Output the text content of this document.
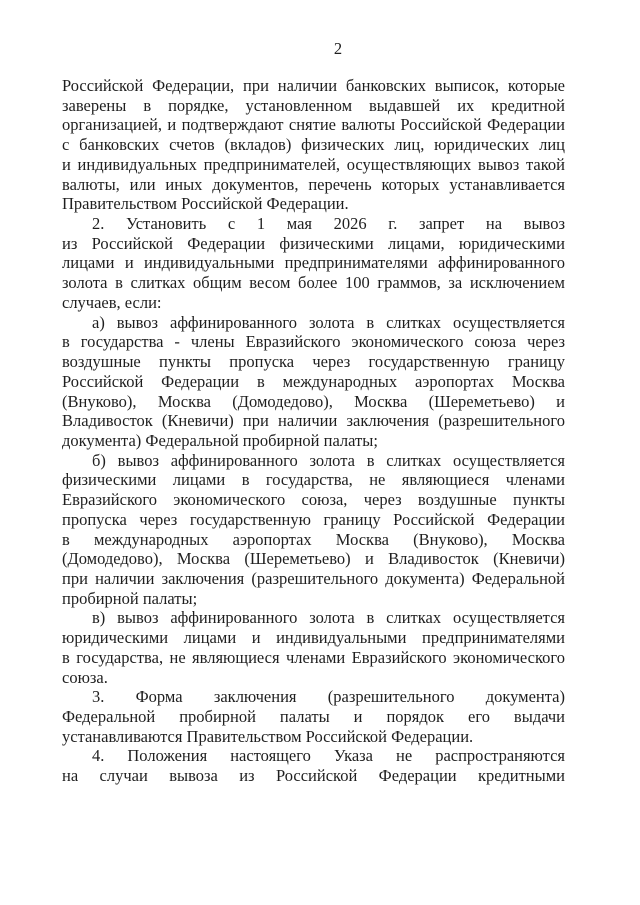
2
Российской Федерации, при наличии банковских выписок, которые
заверены в порядке, установленном выдавшей их кредитной
организацией, и подтверждают снятие валюты Российской Федерации
с банковских счетов (вкладов) физических лиц, юридических лиц
и индивидуальных предпринимателей, осуществляющих вывоз такой
валюты, или иных документов, перечень которых устанавливается
Правительством Российской Федерации.
2. Установить с 1 мая 2026 г. запрет на вывоз
из Российской Федерации физическими лицами, юридическими
лицами и индивидуальными предпринимателями аффинированного
золота в слитках общим весом более 100 граммов, за исключением
случаев, если:
а) вывоз аффинированного золота в слитках осуществляется
в государства - члены Евразийского экономического союза через
воздушные пункты пропуска через государственную границу
Российской Федерации в международных аэропортах Москва
(Внуково), Москва (Домодедово), Москва (Шереметьево) и
Владивосток (Кневичи) при наличии заключения (разрешительного
документа) Федеральной пробирной палаты;
б) вывоз аффинированного золота в слитках осуществляется
физическими лицами в государства, не являющиеся членами
Евразийского экономического союза, через воздушные пункты
пропуска через государственную границу Российской Федерации
в международных аэропортах Москва (Внуково), Москва
(Домодедово), Москва (Шереметьево) и Владивосток (Кневичи)
при наличии заключения (разрешительного документа) Федеральной
пробирной палаты;
в) вывоз аффинированного золота в слитках осуществляется
юридическими лицами и индивидуальными предпринимателями
в государства, не являющиеся членами Евразийского экономического
союза.
3. Форма заключения (разрешительного документа)
Федеральной пробирной палаты и порядок его выдачи
устанавливаются Правительством Российской Федерации.
4. Положения настоящего Указа не распространяются
на случаи вывоза из Российской Федерации кредитными
